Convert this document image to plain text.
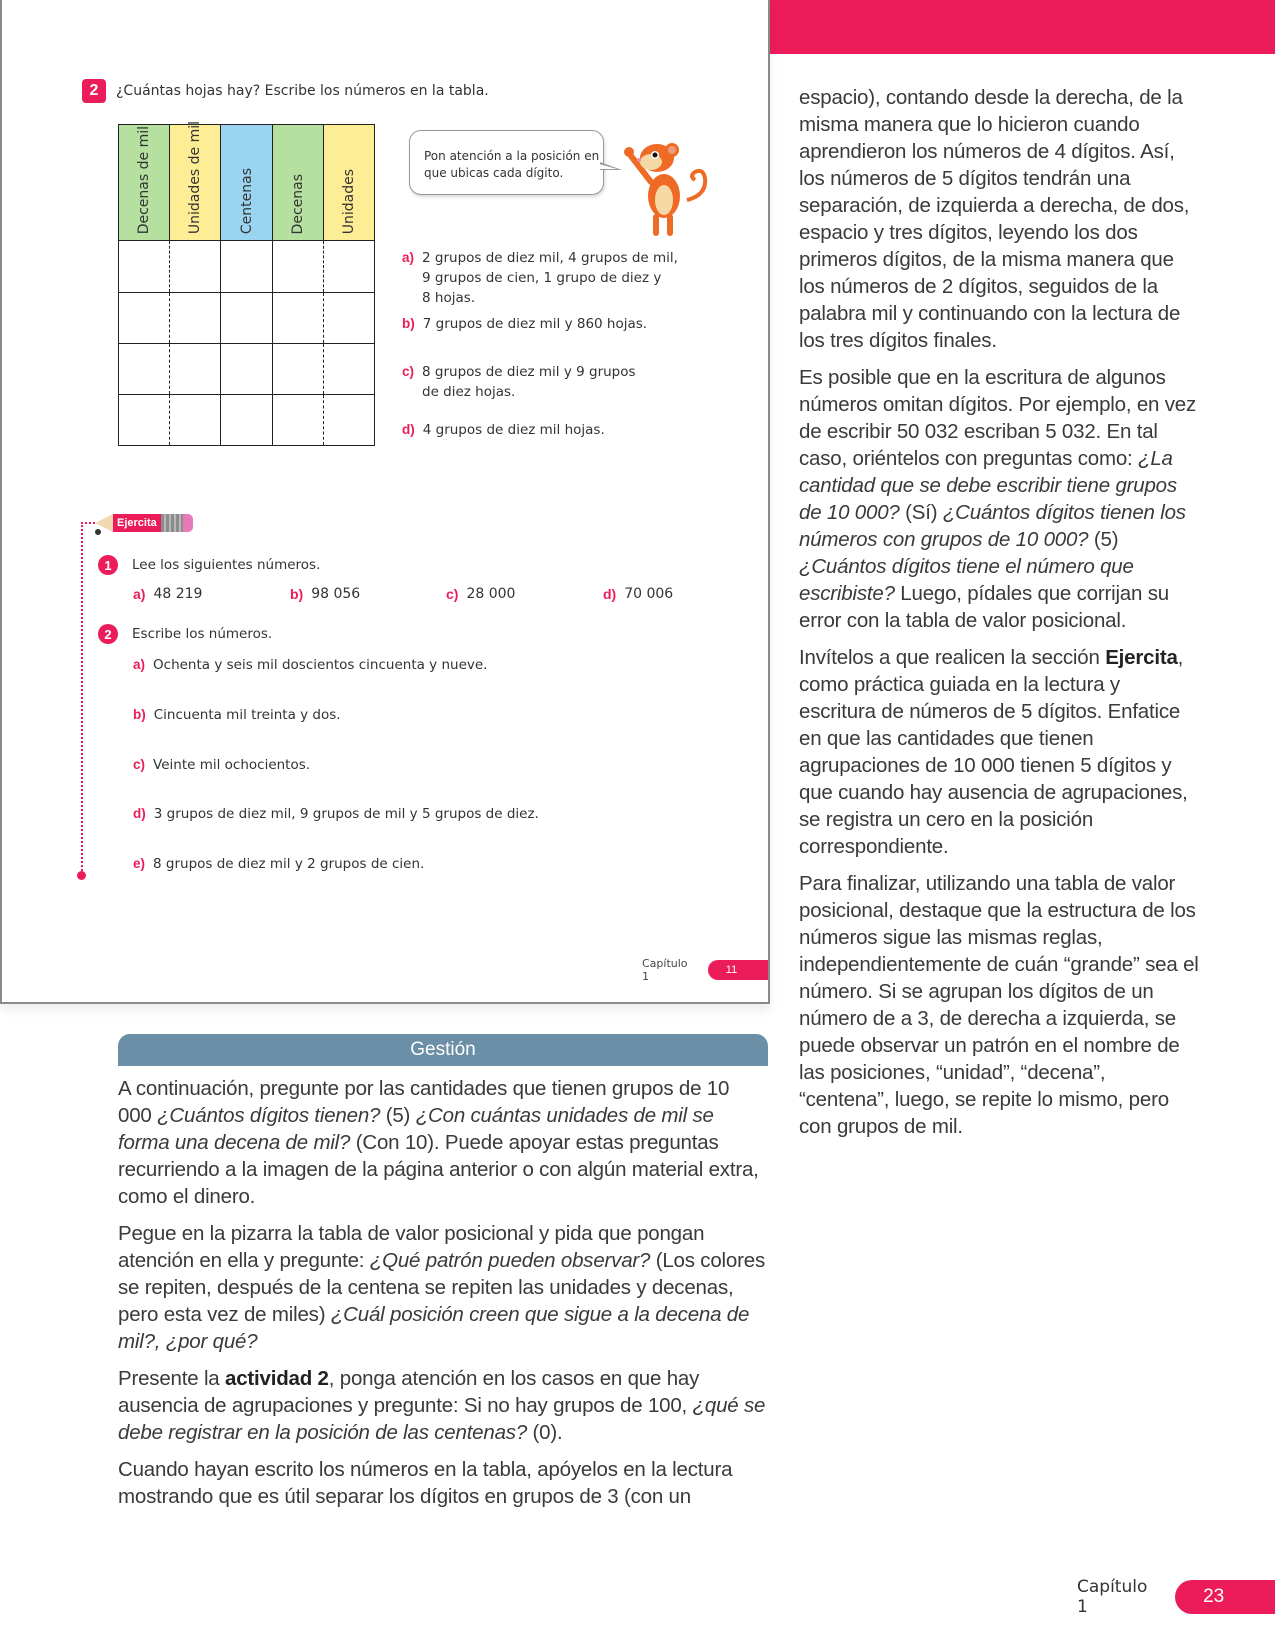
2	¿Cuántas hojas hay? Escribe los números en la tabla.
Decenas de mil	Unidades de mil	Centenas	Decenas	Unidades
Pon atención a la posición en que ubicas cada dígito.
a) 2 grupos de diez mil, 4 grupos de mil,
9 grupos de cien, 1 grupo de diez y
8 hojas.
b) 7 grupos de diez mil y 860 hojas.
c) 8 grupos de diez mil y 9 grupos
de diez hojas.
d) 4 grupos de diez mil hojas.
Ejercita
1	Lee los siguientes números.
a) 48 219	b) 98 056	c) 28 000	d) 70 006
2	Escribe los números.
a) Ochenta y seis mil doscientos cincuenta y nueve.
b) Cincuenta mil treinta y dos.
c) Veinte mil ochocientos.
d) 3 grupos de diez mil, 9 grupos de mil y 5 grupos de diez.
e) 8 grupos de diez mil y 2 grupos de cien.
Capítulo 1	11
Gestión

A continuación, pregunte por las cantidades que tienen grupos de 10 000 ¿Cuántos dígitos tienen? (5) ¿Con cuántas unidades de mil se forma una decena de mil? (Con 10). Puede apoyar estas preguntas recurriendo a la imagen de la página anterior o con algún material extra, como el dinero.

Pegue en la pizarra la tabla de valor posicional y pida que pongan atención en ella y pregunte: ¿Qué patrón pueden observar? (Los colores se repiten, después de la centena se repiten las unidades y decenas, pero esta vez de miles) ¿Cuál posición creen que sigue a la decena de mil?, ¿por qué?

Presente la actividad 2, ponga atención en los casos en que hay ausencia de agrupaciones y pregunte: Si no hay grupos de 100, ¿qué se debe registrar en la posición de las centenas? (0).

Cuando hayan escrito los números en la tabla, apóyelos en la lectura mostrando que es útil separar los dígitos en grupos de 3 (con un

espacio), contando desde la derecha, de la misma manera que lo hicieron cuando aprendieron los números de 4 dígitos. Así, los números de 5 dígitos tendrán una separación, de izquierda a derecha, de dos, espacio y tres dígitos, leyendo los dos primeros dígitos, de la misma manera que los números de 2 dígitos, seguidos de la palabra mil y continuando con la lectura de los tres dígitos finales.

Es posible que en la escritura de algunos números omitan dígitos. Por ejemplo, en vez de escribir 50 032 escriban 5 032. En tal caso, oriéntelos con preguntas como: ¿La cantidad que se debe escribir tiene grupos de 10 000? (Sí) ¿Cuántos dígitos tienen los números con grupos de 10 000? (5) ¿Cuántos dígitos tiene el número que escribiste? Luego, pídales que corrijan su error con la tabla de valor posicional.

Invítelos a que realicen la sección Ejercita, como práctica guiada en la lectura y escritura de números de 5 dígitos. Enfatice en que las cantidades que tienen agrupaciones de 10 000 tienen 5 dígitos y que cuando hay ausencia de agrupaciones, se registra un cero en la posición correspondiente.

Para finalizar, utilizando una tabla de valor posicional, destaque que la estructura de los números sigue las mismas reglas, independientemente de cuán “grande” sea el número. Si se agrupan los dígitos de un número de a 3, de derecha a izquierda, se puede observar un patrón en el nombre de las posiciones, “unidad”, “decena”, “centena”, luego, se repite lo mismo, pero con grupos de mil.

Capítulo 1	23
